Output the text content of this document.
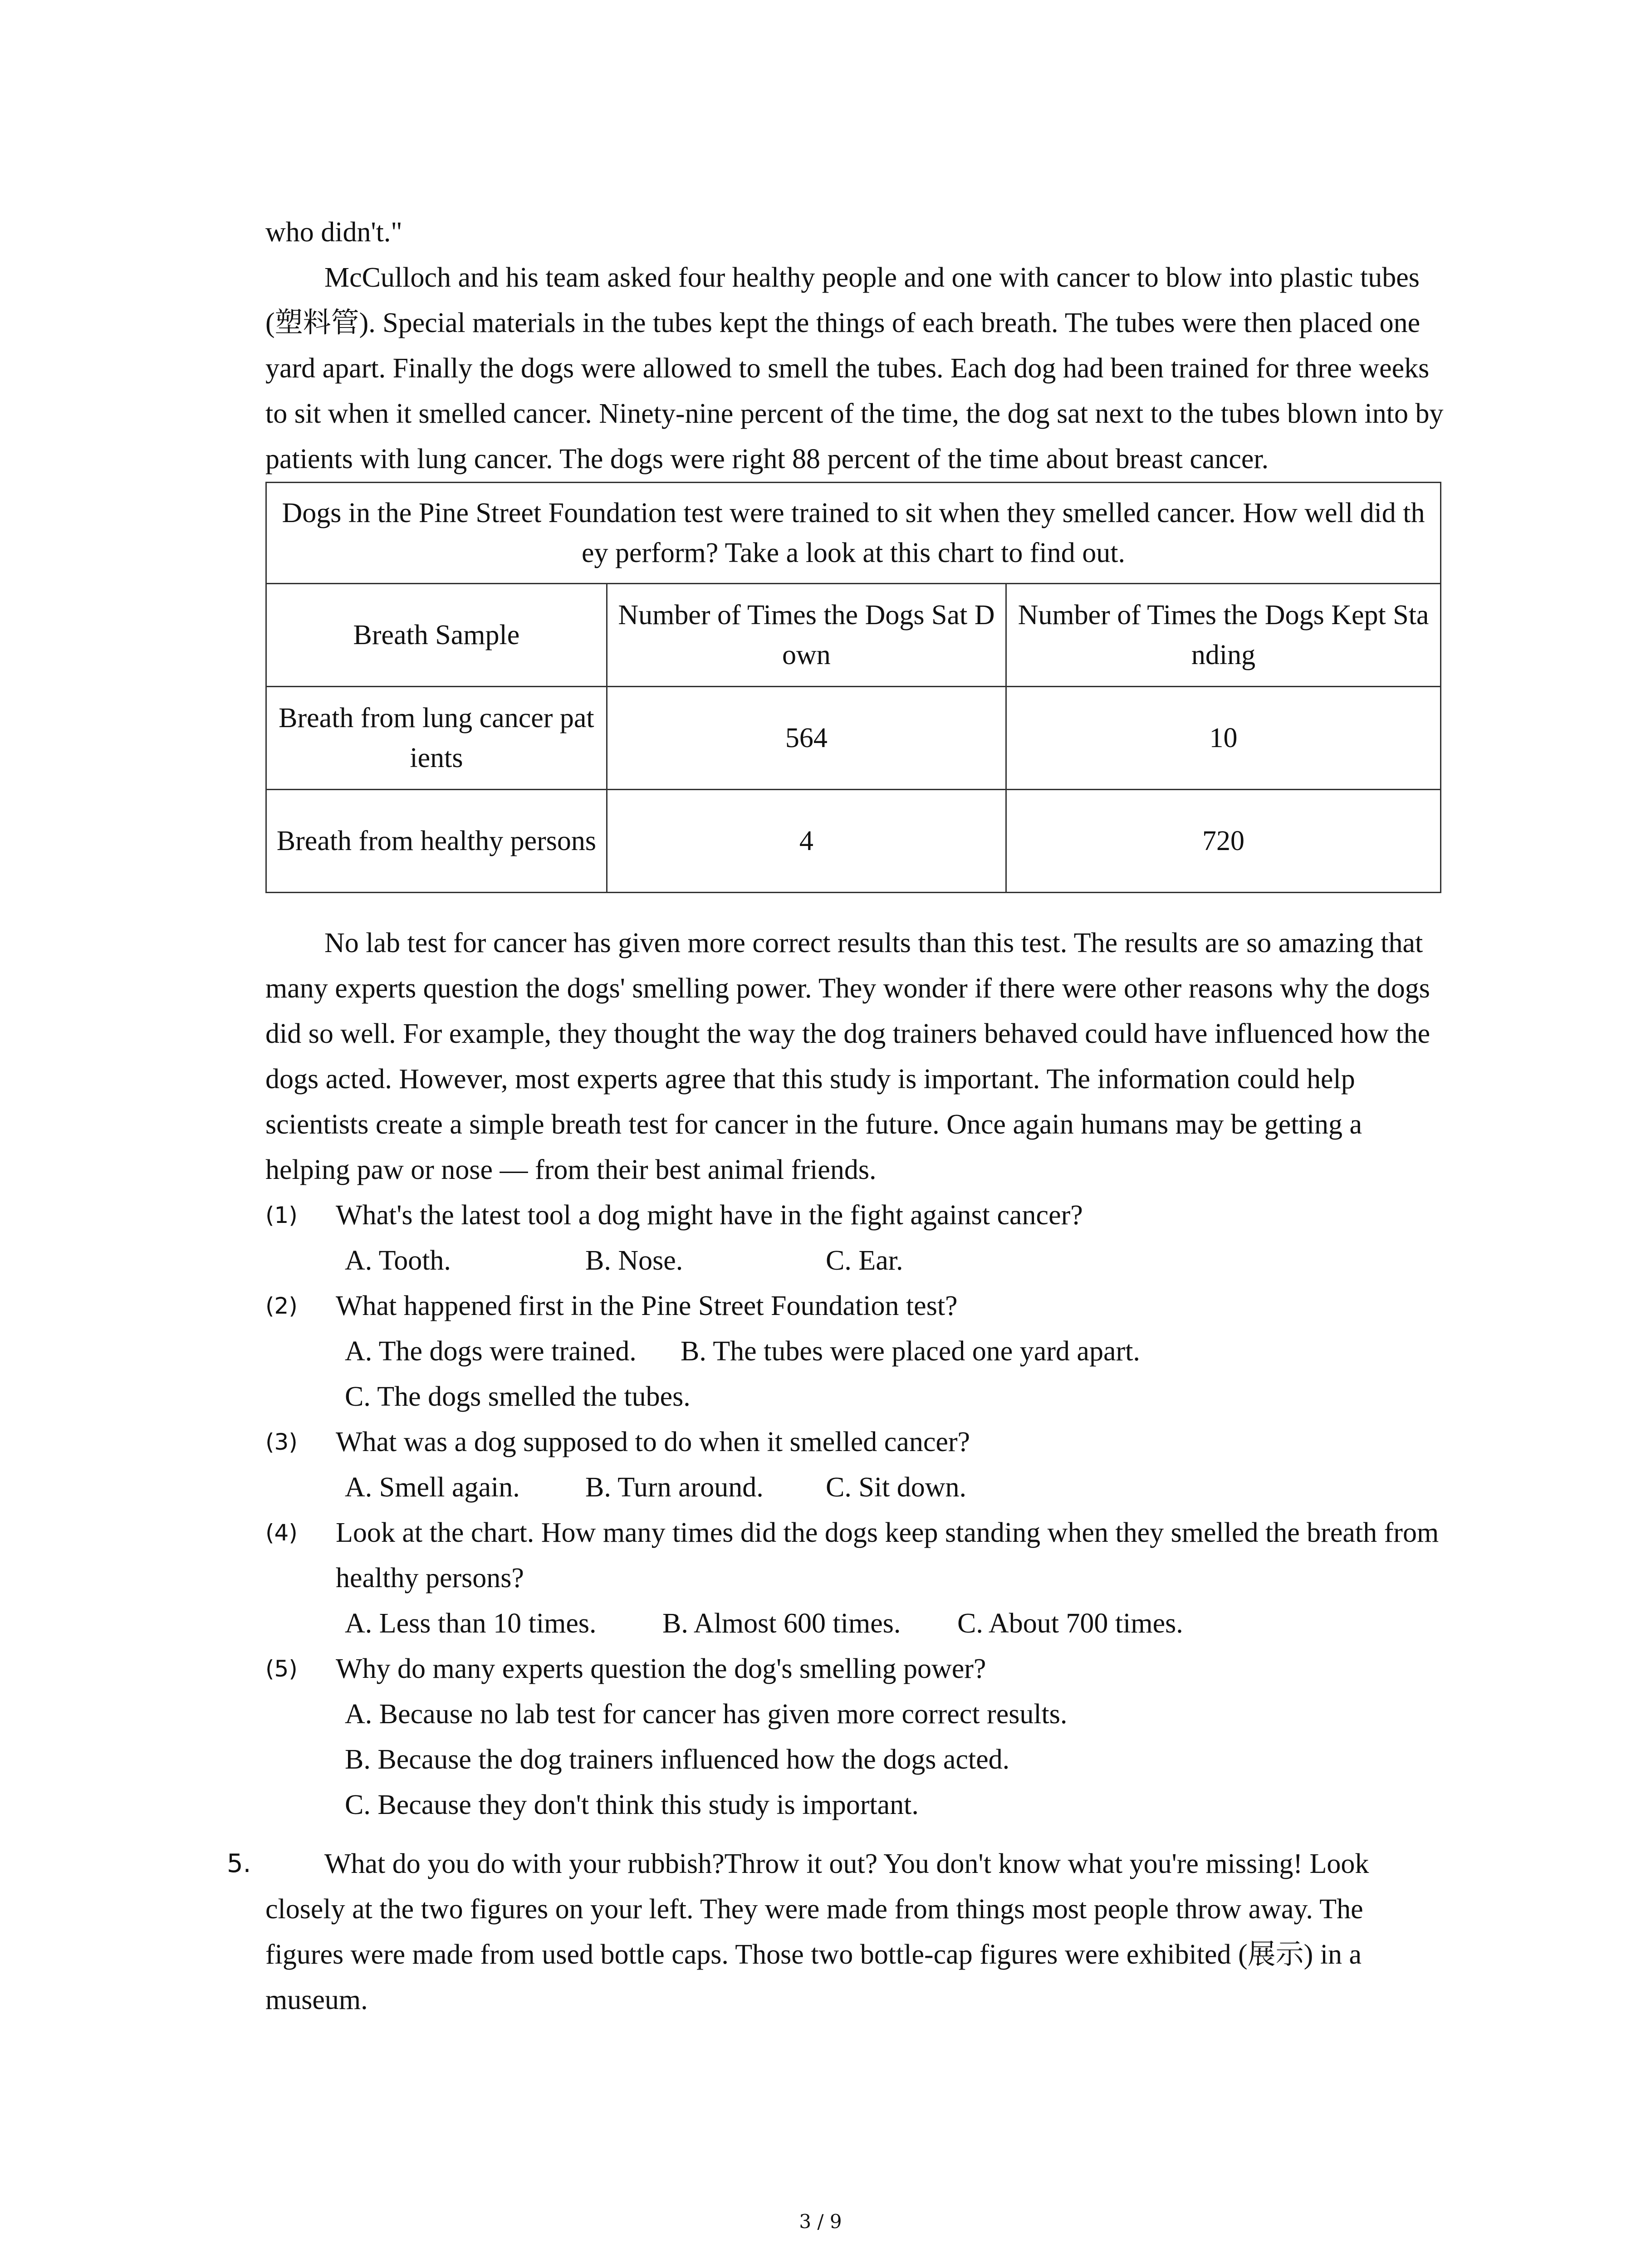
who didn't."

McCulloch and his team asked four healthy people and one with cancer to blow into plastic tubes (塑料管). Special materials in the tubes kept the things of each breath. The tubes were then placed one yard apart. Finally the dogs were allowed to smell the tubes. Each dog had been trained for three weeks to sit when it smelled cancer. Ninety-nine percent of the time, the dog sat next to the tubes blown into by patients with lung cancer. The dogs were right 88 percent of the time about breast cancer.

Dogs in the Pine Street Foundation test were trained to sit when they smelled cancer. How well did they perform? Take a look at this chart to find out.		
Breath Sample	Number of Times the Dogs Sat Down	Number of Times the Dogs Kept Standing
Breath from lung cancer patients	564	10
Breath from healthy persons	4	720

No lab test for cancer has given more correct results than this test. The results are so amazing that many experts question the dogs' smelling power. They wonder if there were other reasons why the dogs did so well. For example, they thought the way the dog trainers behaved could have influenced how the dogs acted. However, most experts agree that this study is important. The information could help scientists create a simple breath test for cancer in the future. Once again humans may be getting a helping paw or nose — from their best animal friends.

(1) What's the latest tool a dog might have in the fight against cancer?

A. Tooth.	B. Nose.	C. Ear.
(2) What happened first in the Pine Street Foundation test?

A. The dogs were trained. B. The tubes were placed one yard apart.
C. The dogs smelled the tubes.
(3) What was a dog supposed to do when it smelled cancer?

A. Smell again. B. Turn around. C. Sit down.
(4) Look at the chart. How many times did the dogs keep standing when they smelled the breath from healthy persons?

A. Less than 10 times. B. Almost 600 times. C. About 700 times.
(5) Why do many experts question the dog's smelling power?

A. Because no lab test for cancer has given more correct results.

B. Because the dog trainers influenced how the dogs acted.

C. Because they don't think this study is important.

5.	What do you do with your rubbish?Throw it out? You don't know what you're missing! Look closely at the two figures on your left. They were made from things most people throw away. The figures were made from used bottle caps. Those two bottle-cap figures were exhibited (展示) in a museum.

3 / 9
